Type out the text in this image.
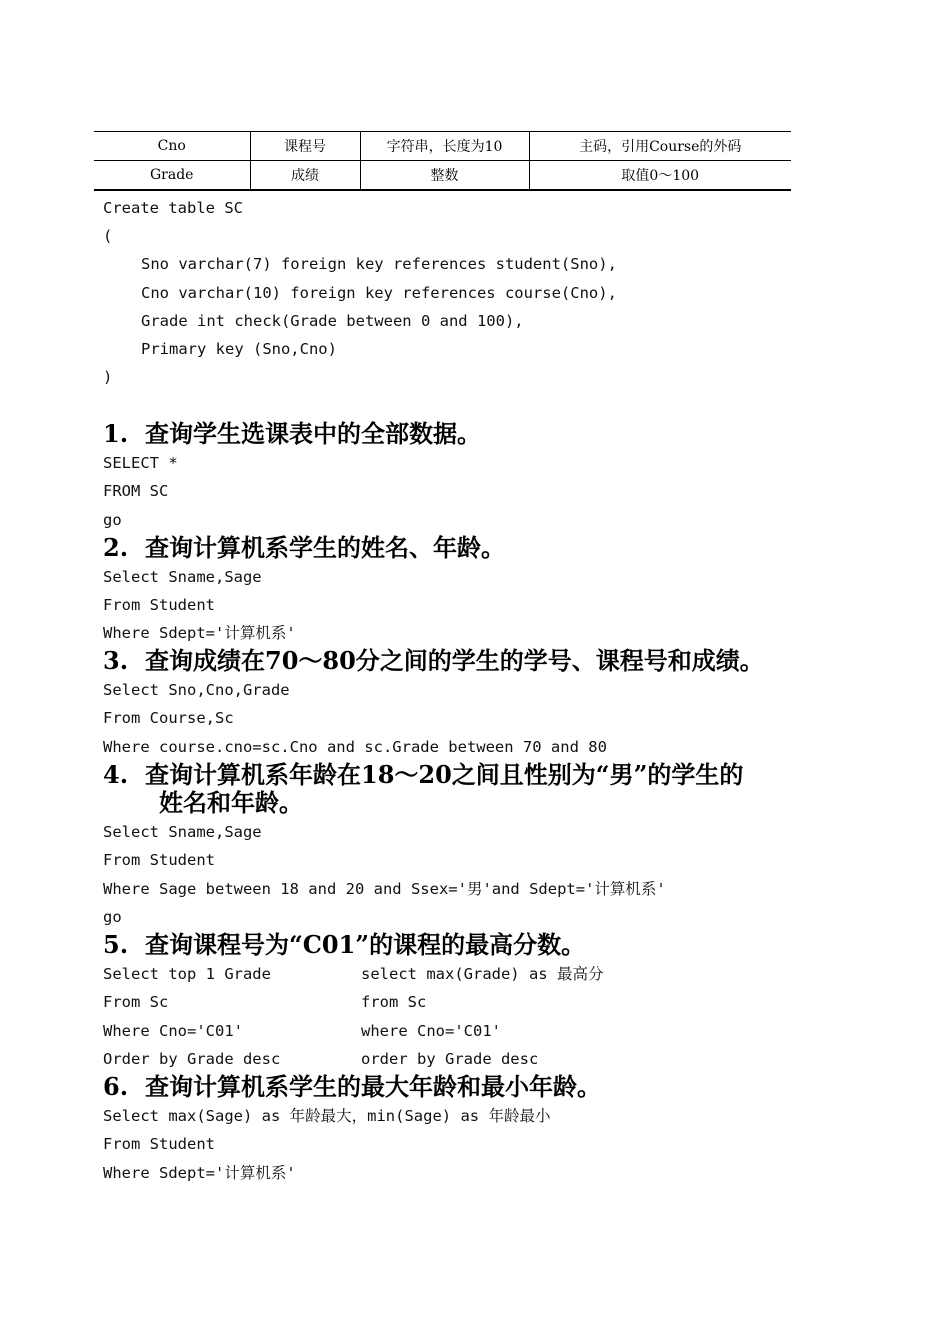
Cno	课程号	字符串，长度为10	主码，引用Course的外码
Grade	成绩	整数	取值0～100

Create table SC

(

Sno varchar(7) foreign key references student(Sno),

Cno varchar(10) foreign key references course(Cno),

Grade int check(Grade between 0 and 100),

Primary key (Sno,Cno)

)

1. 查询学生选课表中的全部数据。

SELECT *

FROM SC

go

2. 查询计算机系学生的姓名、年龄。

Select Sname,Sage

From Student

Where Sdept='计算机系'

3. 查询成绩在70～80分之间的学生的学号、课程号和成绩。

Select Sno,Cno,Grade

From Course,Sc

Where course.cno=sc.Cno and sc.Grade between 70 and 80

4. 查询计算机系年龄在18～20之间且性别为“男”的学生的
姓名和年龄。

Select Sname,Sage

From Student

Where Sage between 18 and 20 and Ssex='男'and Sdept='计算机系'

go

5. 查询课程号为“C01”的课程的最高分数。

Select top 1 Grade

From Sc

Where Cno='C01'

Order by Grade desc

select max(Grade) as 最高分

from Sc

where Cno='C01'

order by Grade desc

6. 查询计算机系学生的最大年龄和最小年龄。

Select max(Sage) as 年龄最大，min(Sage) as 年龄最小

From Student

Where Sdept='计算机系'
